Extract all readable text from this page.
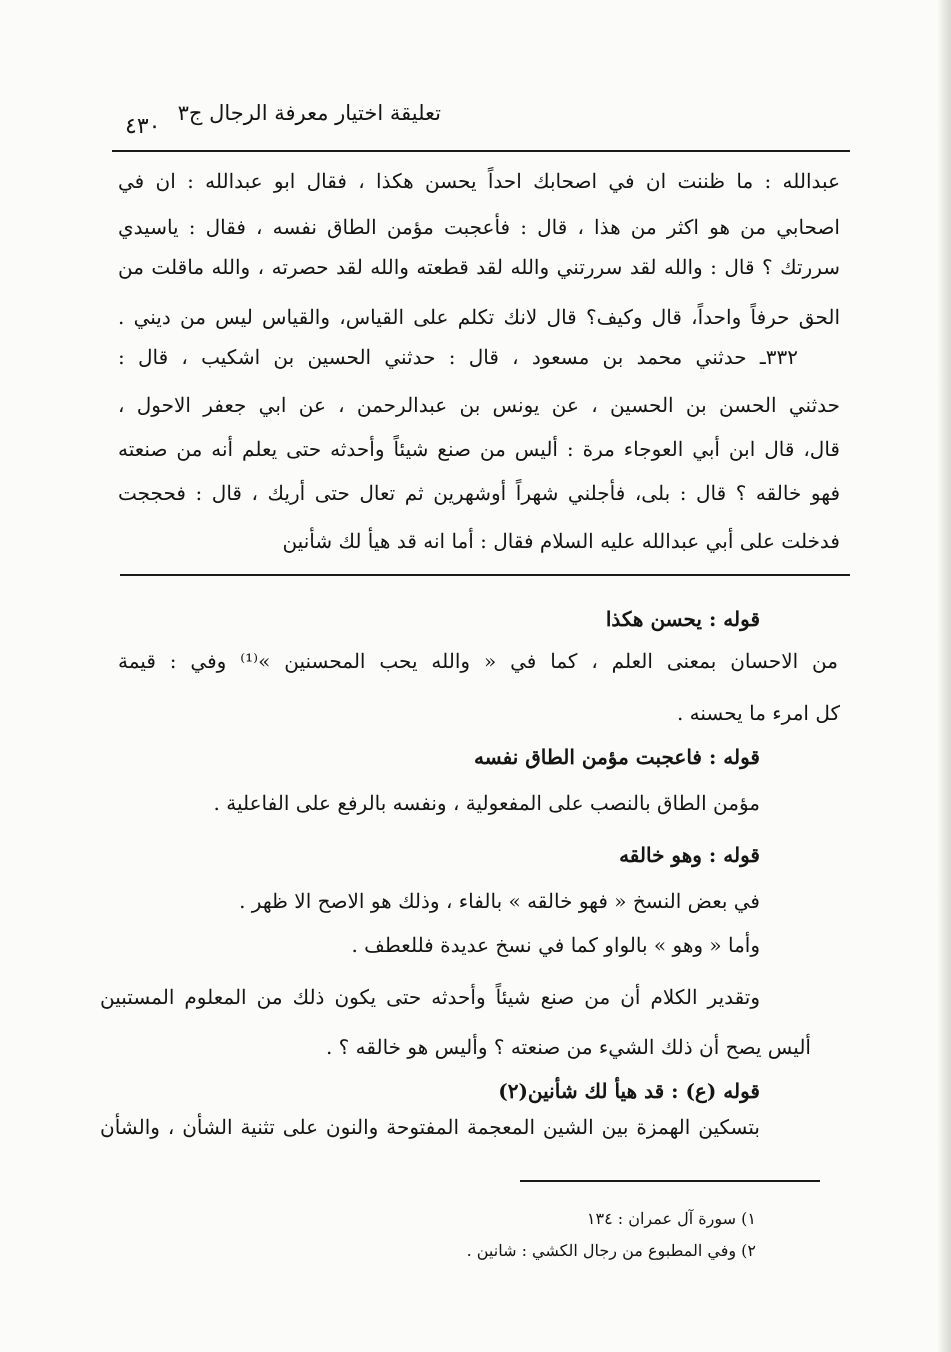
تعليقة اختيار معرفة الرجال ج٣
٤٣٠
عبدالله : ما ظننت ان في اصحابك احداً يحسن هكذا ، فقال ابو عبدالله : ان في
اصحابي من هو اكثر من هذا ، قال : فأعجبت مؤمن الطاق نفسه ، فقال : ياسيدي
سررتك ؟ قال : والله لقد سررتني والله لقد قطعته والله لقد حصرته ، والله ماقلت من
الحق حرفاً واحداً، قال وكيف؟ قال لانك تكلم على القياس، والقياس ليس من ديني .
٣٣٢ـ حدثني محمد بن مسعود ، قال : حدثني الحسين بن اشكيب ، قال :
حدثني الحسن بن الحسين ، عن يونس بن عبدالرحمن ، عن ابي جعفر الاحول ،
قال، قال ابن أبي العوجاء مرة : أليس من صنع شيئاً وأحدثه حتى يعلم أنه من صنعته
فهو خالقه ؟ قال : بلى، فأجلني شهراً أوشهرين ثم تعال حتى أريك ، قال : فحججت
فدخلت على أبي عبدالله عليه السلام فقال : أما انه قد هيأ لك شأنين
قوله : يحسن هكذا
من الاحسان بمعنى العلم ، كما في « والله يحب المحسنين »⁽¹⁾ وفي : قيمة
كل امرء ما يحسنه .
قوله : فاعجبت مؤمن الطاق نفسه
مؤمن الطاق بالنصب على المفعولية ، ونفسه بالرفع على الفاعلية .
قوله : وهو خالقه
في بعض النسخ « فهو خالقه » بالفاء ، وذلك هو الاصح الا ظهر .
وأما « وهو » بالواو كما في نسخ عديدة فللعطف .
وتقدير الكلام أن من صنع شيئاً وأحدثه حتى يكون ذلك من المعلوم المستبين
أليس يصح أن ذلك الشيء من صنعته ؟ وأليس هو خالقه ؟ .
قوله (ع) : قد هيأ لك شأنين(٢)
بتسكين الهمزة بين الشين المعجمة المفتوحة والنون على تثنية الشأن ، والشأن
١) سورة آل عمران : ١٣٤
٢) وفي المطبوع من رجال الكشي : شانين .
